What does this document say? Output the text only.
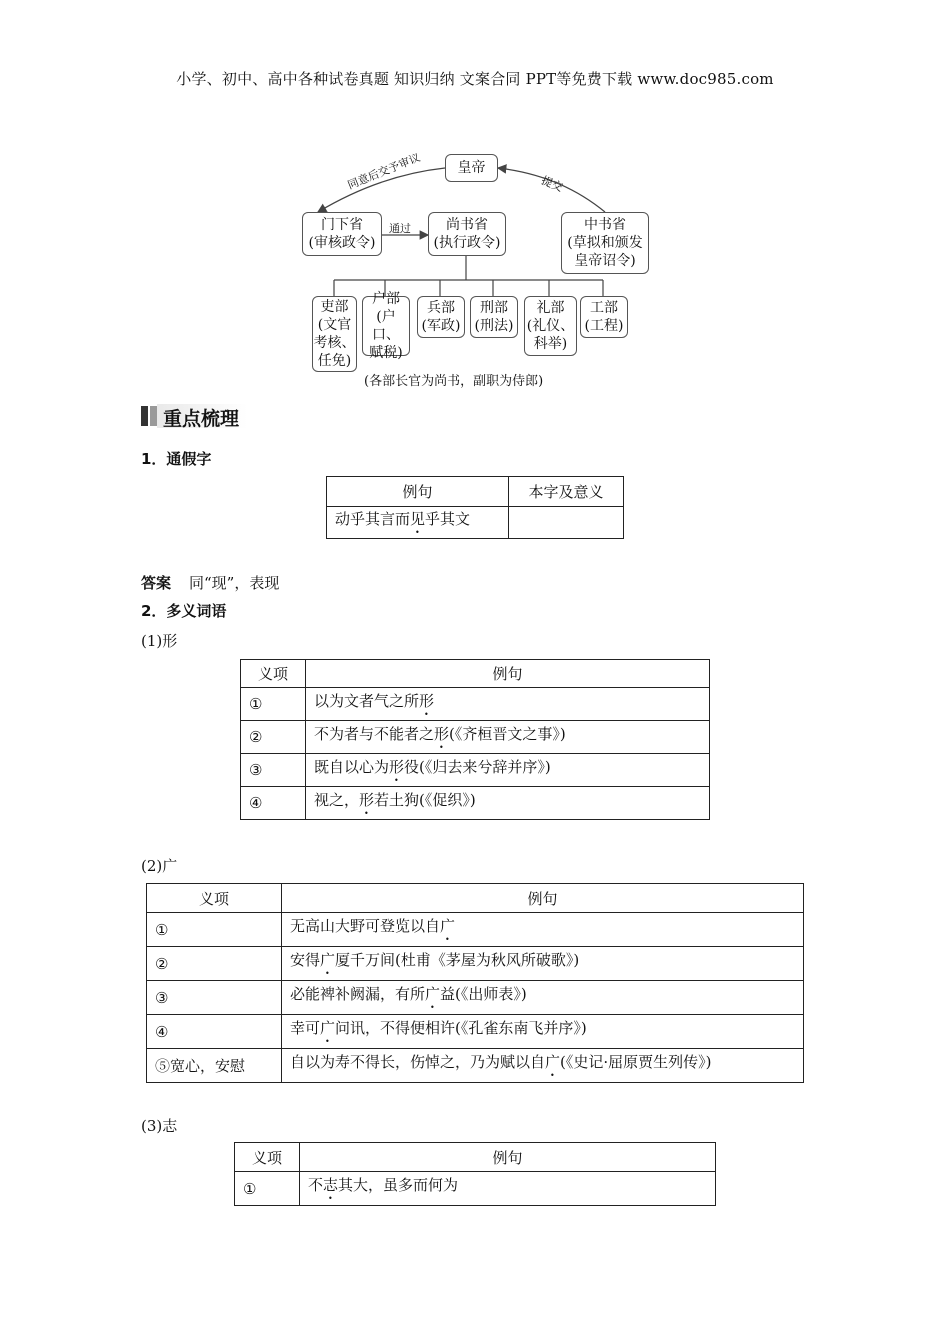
小学、初中、高中各种试卷真题 知识归纳 文案合同 PPT等免费下载 www.doc985.com
皇帝
门下省
(审核政令)
尚书省
(执行政令)
中书省
(草拟和颁发
皇帝诏令)
同意后交予审议	提交
通过
吏部
(文官
考核、
任免)
户部
(户口、
赋税)
兵部
(军政)
刑部
(刑法)
礼部
(礼仪、
科举)
工部
(工程)
(各部长官为尚书，副职为侍郎)
重点梳理
1．通假字
例句	本字及意义
动乎其言而见乎其文	
答案 同“现”，表现
2．多义词语
(1)形
义项	例句
①	以为文者气之所形
②	不为者与不能者之形(《齐桓晋文之事》)
③	既自以心为形役(《归去来兮辞并序》)
④	视之，形若土狗(《促织》)
(2)广
义项	例句
①	无高山大野可登览以自广
②	安得广厦千万间(杜甫《茅屋为秋风所破歌》)
③	必能裨补阙漏，有所广益(《出师表》)
④	幸可广问讯，不得便相许(《孔雀东南飞并序》)
⑤宽心，安慰	自以为寿不得长，伤悼之，乃为赋以自广(《史记·屈原贾生列传》)
(3)志
义项	例句
①	不志其大，虽多而何为
